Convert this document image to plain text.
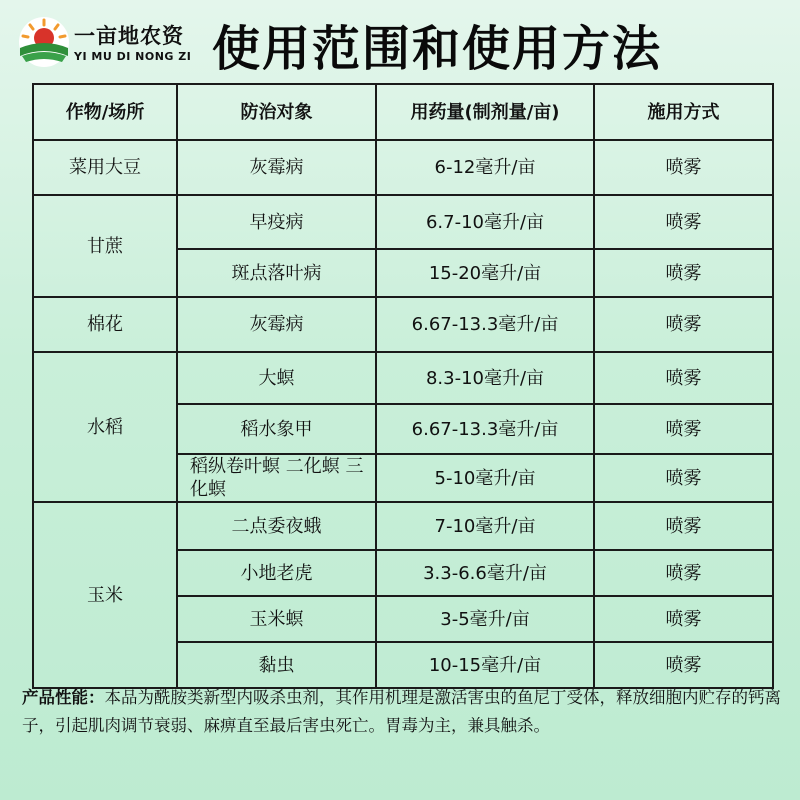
一亩地农资
YI MU DI NONG ZI 使用范围和使用方法
作物/场所	防治对象	用药量(制剂量/亩)	施用方式
菜用大豆	灰霉病	6-12毫升/亩	喷雾
甘蔗	早疫病	6.7-10毫升/亩	喷雾
	斑点落叶病	15-20毫升/亩	喷雾
棉花	灰霉病	6.67-13.3毫升/亩	喷雾
水稻	大螟	8.3-10毫升/亩	喷雾
	稻水象甲	6.67-13.3毫升/亩	喷雾
	稻纵卷叶螟 二化螟 三化螟	5-10毫升/亩	喷雾
玉米	二点委夜蛾	7-10毫升/亩	喷雾
	小地老虎	3.3-6.6毫升/亩	喷雾
	玉米螟	3-5毫升/亩	喷雾
	黏虫	10-15毫升/亩	喷雾

产品性能：本品为酰胺类新型内吸杀虫剂，其作用机理是激活害虫的鱼尼丁受体，释放细胞内贮存的钙离子，引起肌肉调节衰弱、麻痹直至最后害虫死亡。胃毒为主，兼具触杀。
